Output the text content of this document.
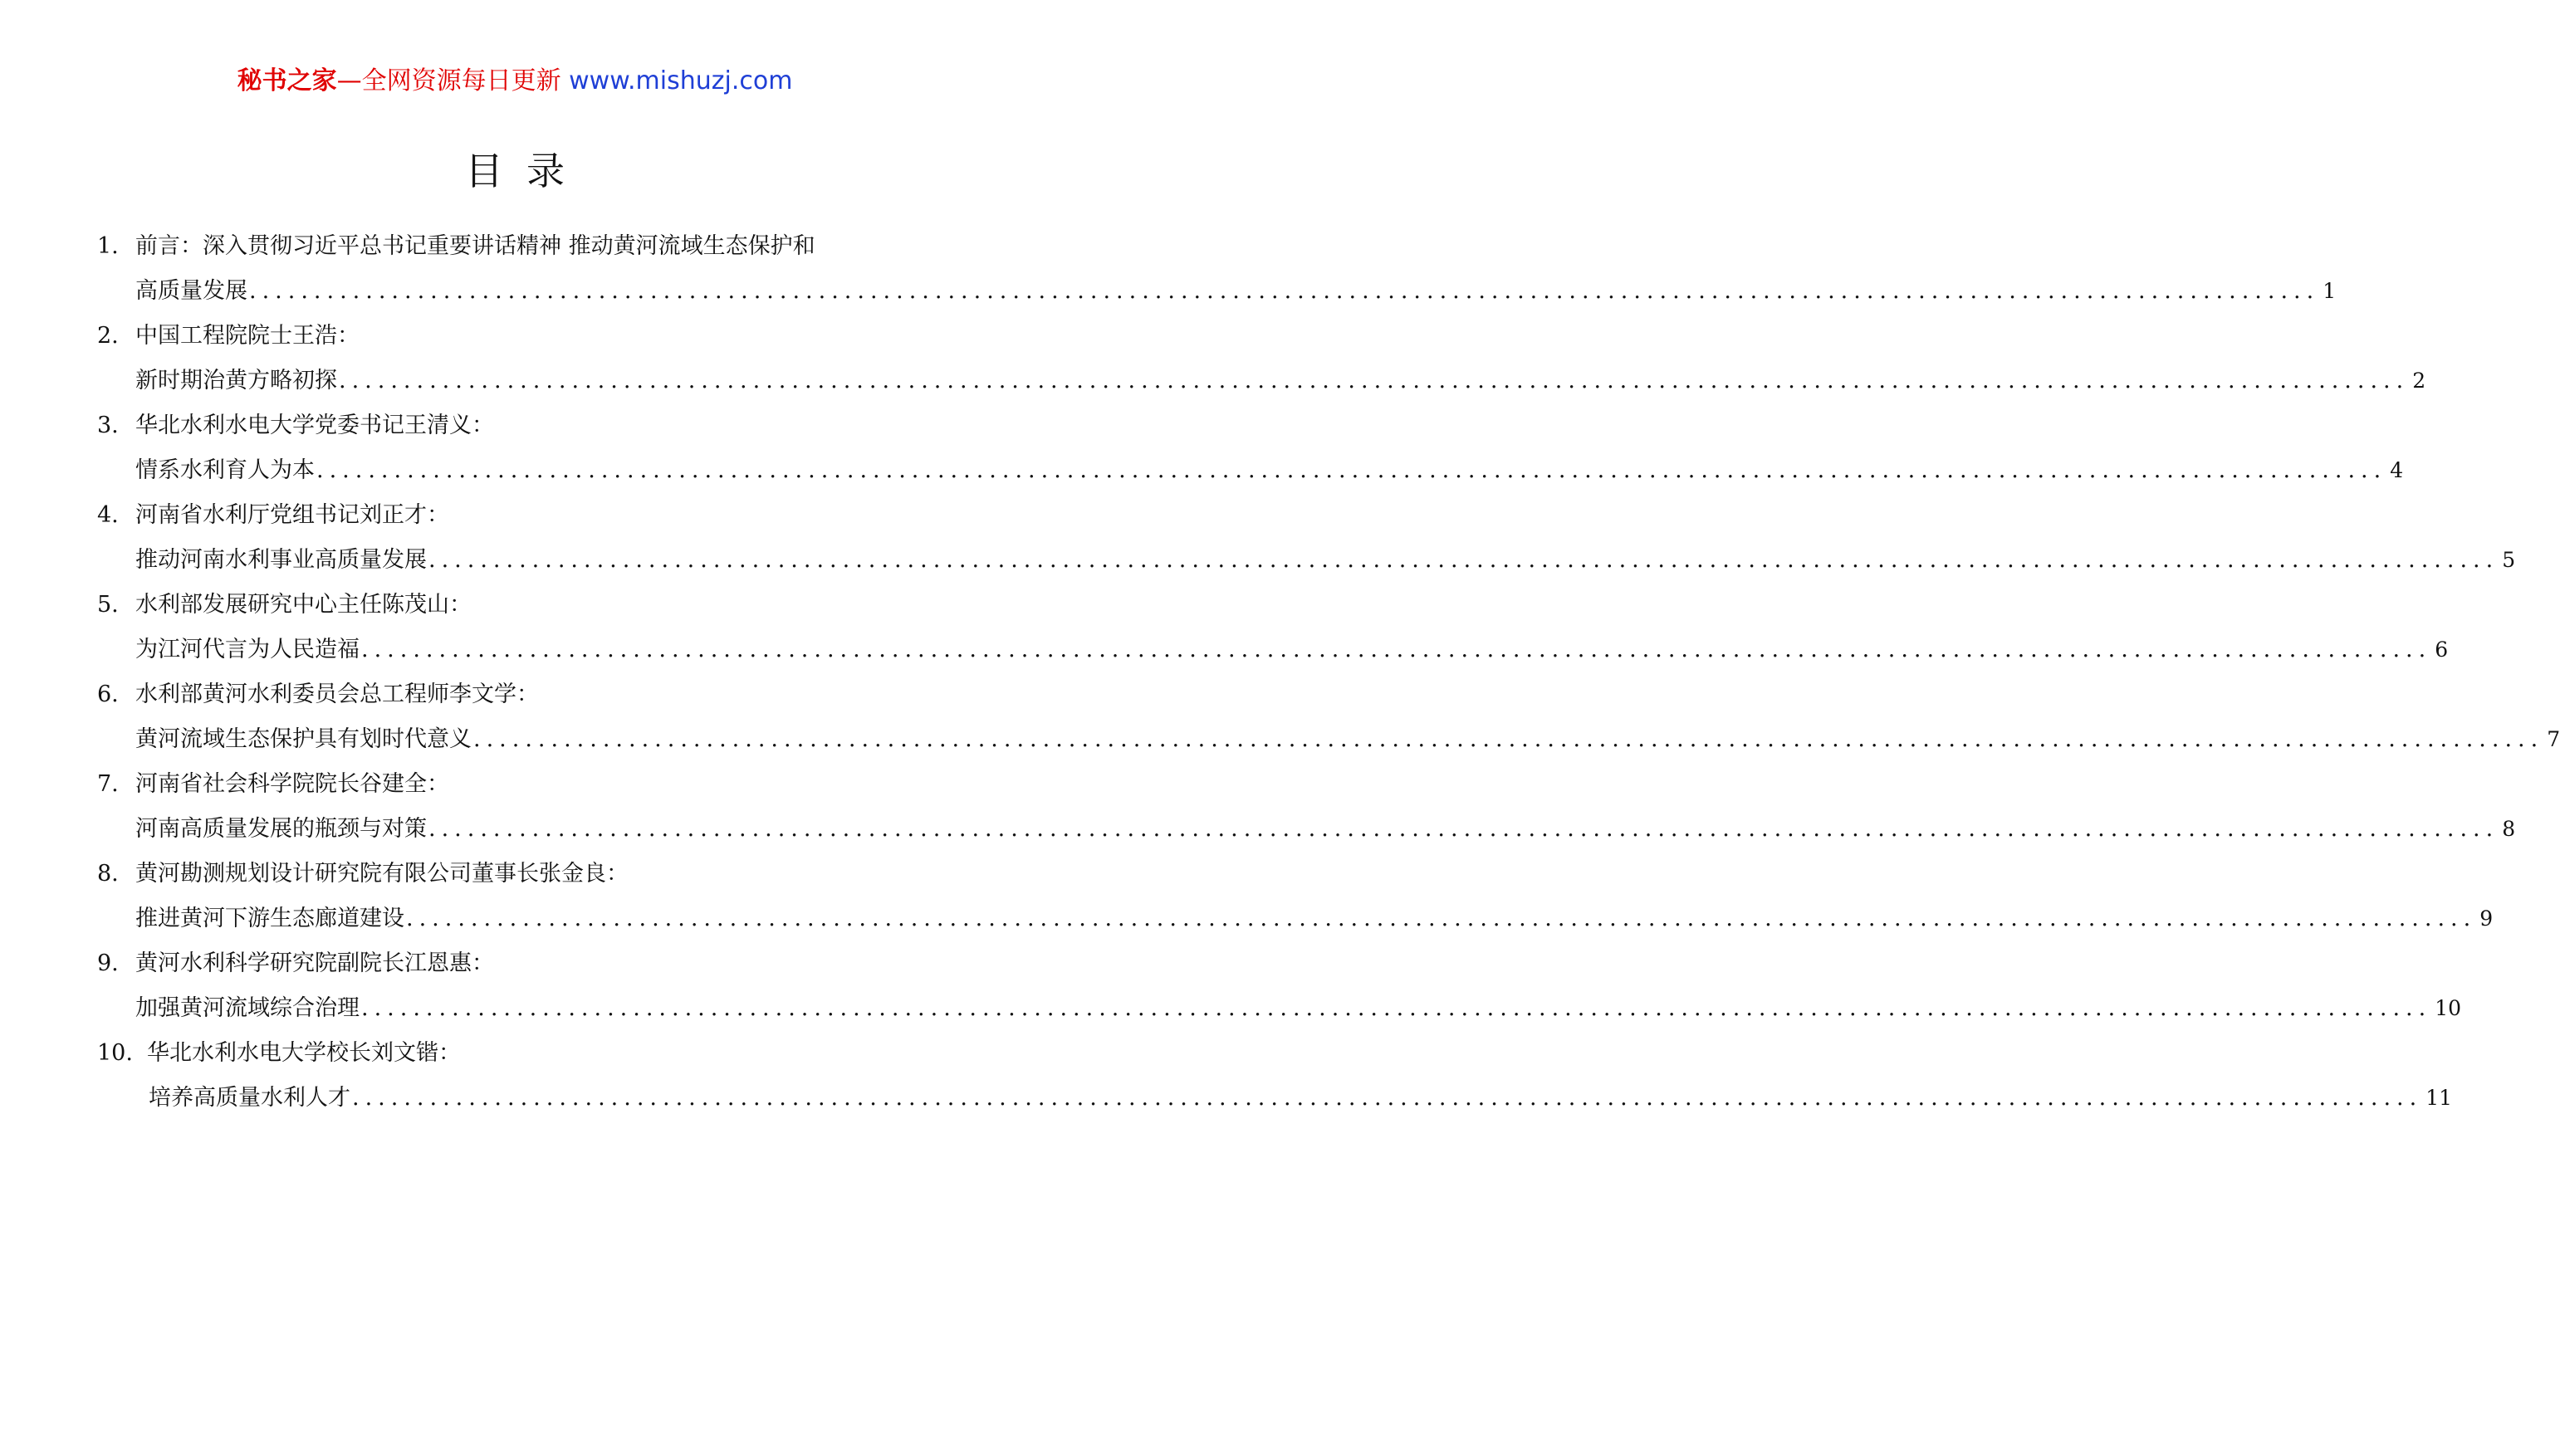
秘书之家—全网资源每日更新 www.mishuzj.com
目录
1. 前言：深入贯彻习近平总书记重要讲话精神 推动黄河流域生态保护和
高质量发展 ................................................................................................................................................................ 1
2. 中国工程院院士王浩：
新时期治黄方略初探 ................................................................................................................................................................ 2
3. 华北水利水电大学党委书记王清义：
情系水利育人为本 ................................................................................................................................................................ 4
4. 河南省水利厅党组书记刘正才：
推动河南水利事业高质量发展 ................................................................................................................................................................ 5
5. 水利部发展研究中心主任陈茂山：
为江河代言为人民造福 ................................................................................................................................................................ 6
6. 水利部黄河水利委员会总工程师李文学：
黄河流域生态保护具有划时代意义 ................................................................................................................................................................ 7
7. 河南省社会科学院院长谷建全：
河南高质量发展的瓶颈与对策 ................................................................................................................................................................ 8
8. 黄河勘测规划设计研究院有限公司董事长张金良：
推进黄河下游生态廊道建设 ................................................................................................................................................................ 9
9. 黄河水利科学研究院副院长江恩惠：
加强黄河流域综合治理 ................................................................................................................................................................ 10
10. 华北水利水电大学校长刘文锴：
培养高质量水利人才 ................................................................................................................................................................ 11
